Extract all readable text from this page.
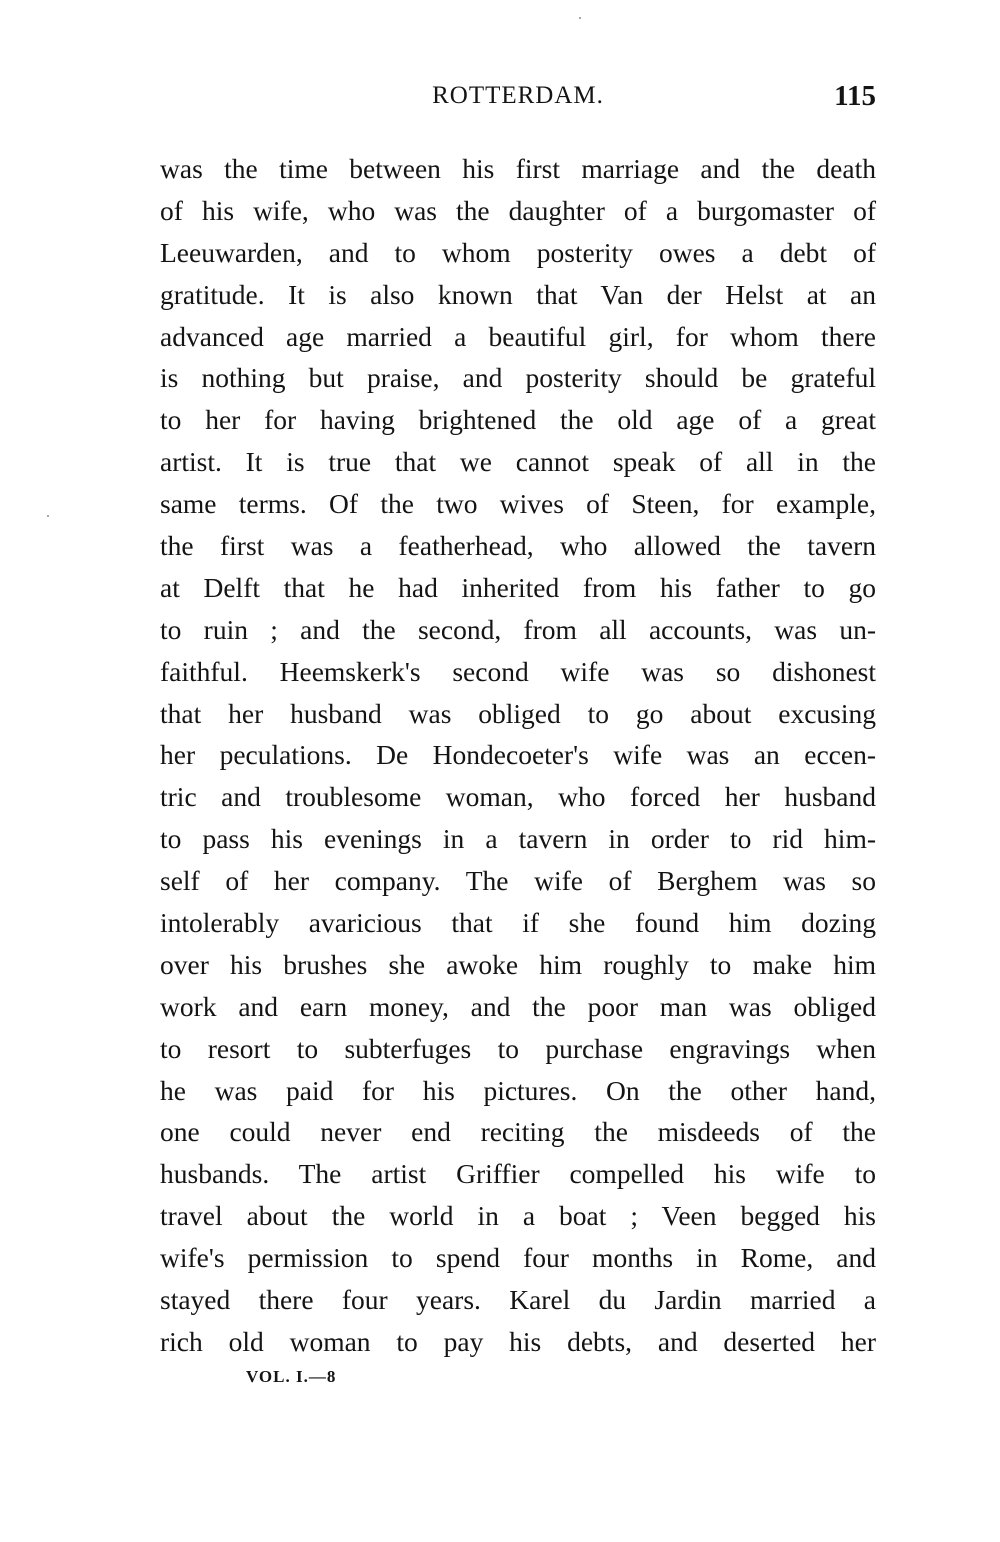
ROTTERDAM.	115
was the time between his first marriage and the death
of his wife, who was the daughter of a burgomaster of
Leeuwarden, and to whom posterity owes a debt of
gratitude. It is also known that Van der Helst at an
advanced age married a beautiful girl, for whom there
is nothing but praise, and posterity should be grateful
to her for having brightened the old age of a great
artist. It is true that we cannot speak of all in the
same terms. Of the two wives of Steen, for example,
the first was a featherhead, who allowed the tavern
at Delft that he had inherited from his father to go
to ruin ; and the second, from all accounts, was un-
faithful. Heemskerk's second wife was so dishonest
that her husband was obliged to go about excusing
her peculations. De Hondecoeter's wife was an eccen-
tric and troublesome woman, who forced her husband
to pass his evenings in a tavern in order to rid him-
self of her company. The wife of Berghem was so
intolerably avaricious that if she found him dozing
over his brushes she awoke him roughly to make him
work and earn money, and the poor man was obliged
to resort to subterfuges to purchase engravings when
he was paid for his pictures. On the other hand,
one could never end reciting the misdeeds of the
husbands. The artist Griffier compelled his wife to
travel about the world in a boat ; Veen begged his
wife's permission to spend four months in Rome, and
stayed there four years. Karel du Jardin married a
rich old woman to pay his debts, and deserted her
VOL. I.—8
